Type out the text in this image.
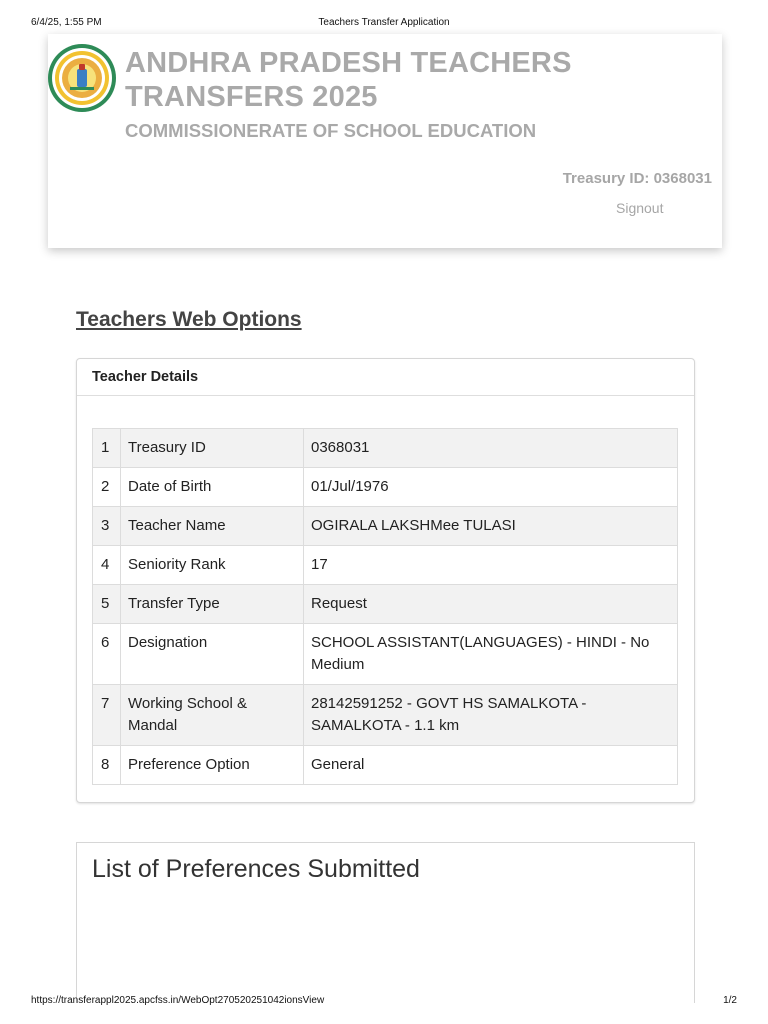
6/4/25, 1:55 PM	Teachers Transfer Application
ANDHRA PRADESH TEACHERS TRANSFERS 2025
COMMISSIONERATE OF SCHOOL EDUCATION
Treasury ID: 0368031
Signout
Teachers Web Options
Teacher Details
1	Treasury ID	0368031
2	Date of Birth	01/Jul/1976
3	Teacher Name	OGIRALA LAKSHMee TULASI
4	Seniority Rank	17
5	Transfer Type	Request
6	Designation	SCHOOL ASSISTANT(LANGUAGES) - HINDI - No Medium
7	Working School & Mandal	28142591252 - GOVT HS SAMALKOTA - SAMALKOTA - 1.1 km
8	Preference Option	General
List of Preferences Submitted
https://transferappl2025.apcfss.in/WebOpt270520251042ionsView	1/2
